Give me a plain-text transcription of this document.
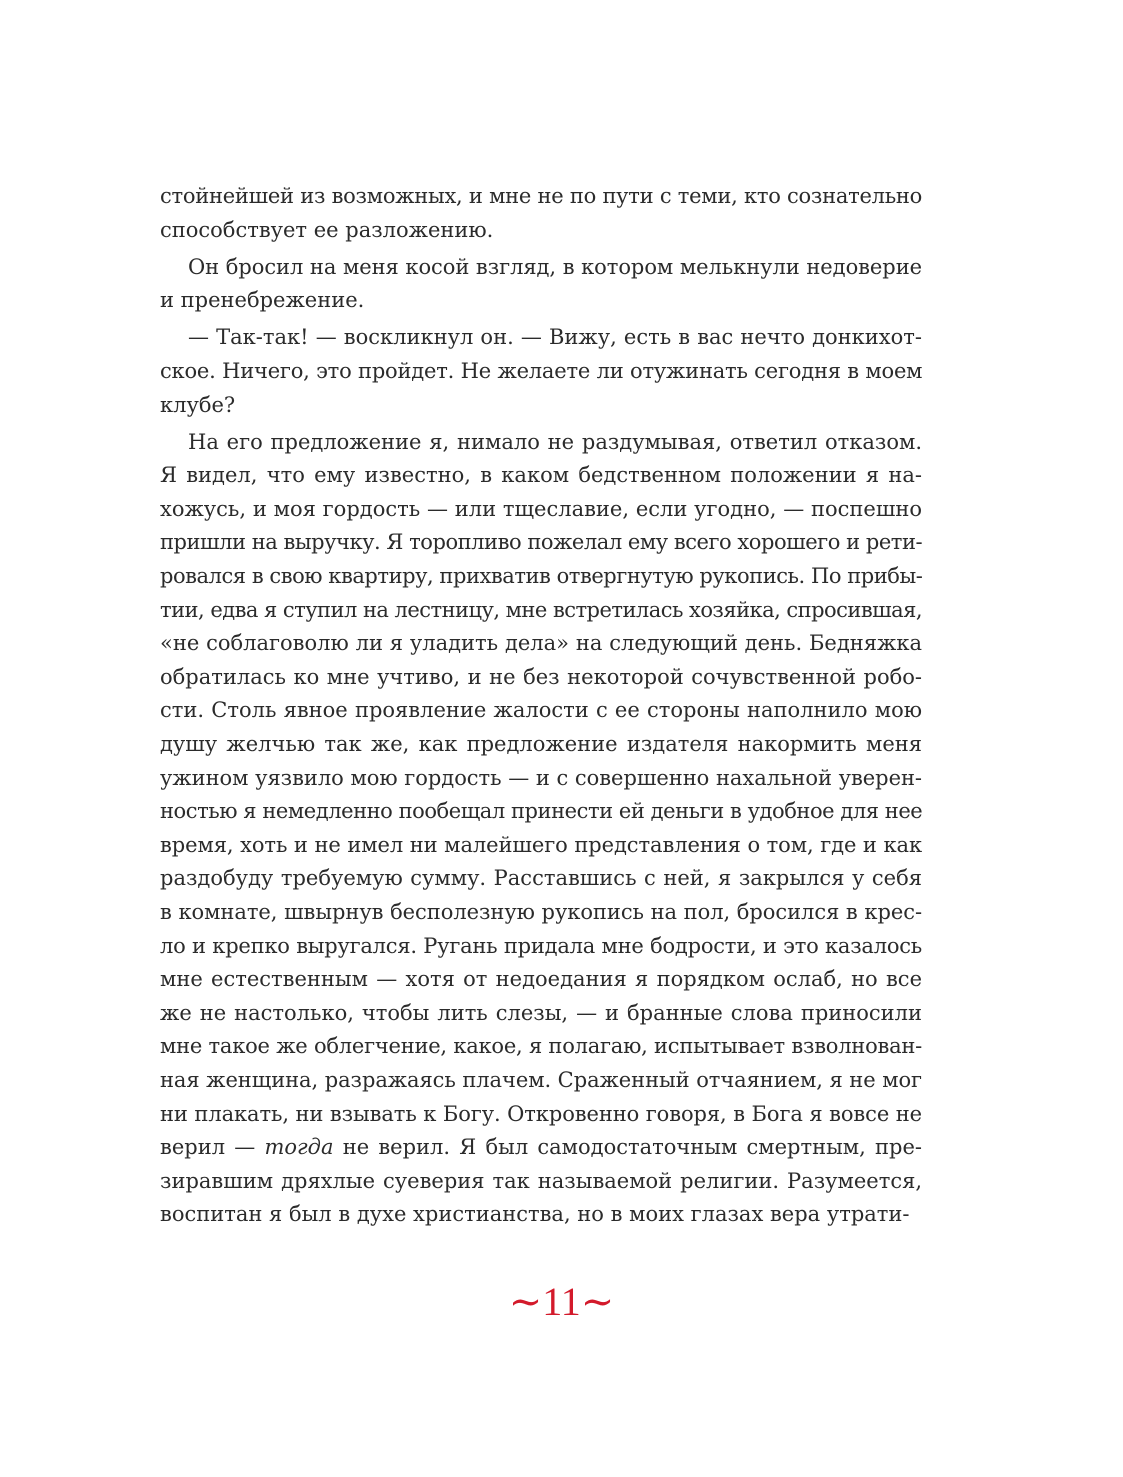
стойнейшей из возможных, и мне не по пути с теми, кто сознательно
способствует ее разложению.
Он бросил на меня косой взгляд, в котором мелькнули недоверие
и пренебрежение.
— Так-так! — воскликнул он. — Вижу, есть в вас нечто донкихот-
ское. Ничего, это пройдет. Не желаете ли отужинать сегодня в моем
клубе?
На его предложение я, нимало не раздумывая, ответил отказом.
Я видел, что ему известно, в каком бедственном положении я на-
хожусь, и моя гордость — или тщеславие, если угодно, — поспешно
пришли на выручку. Я торопливо пожелал ему всего хорошего и рети-
ровался в свою квартиру, прихватив отвергнутую рукопись. По прибы-
тии, едва я ступил на лестницу, мне встретилась хозяйка, спросившая,
«не соблаговолю ли я уладить дела» на следующий день. Бедняжка
обратилась ко мне учтиво, и не без некоторой сочувственной робо-
сти. Столь явное проявление жалости с ее стороны наполнило мою
душу желчью так же, как предложение издателя накормить меня
ужином уязвило мою гордость — и с совершенно нахальной уверен-
ностью я немедленно пообещал принести ей деньги в удобное для нее
время, хоть и не имел ни малейшего представления о том, где и как
раздобуду требуемую сумму. Расставшись с ней, я закрылся у себя
в комнате, швырнув бесполезную рукопись на пол, бросился в крес-
ло и крепко выругался. Ругань придала мне бодрости, и это казалось
мне естественным — хотя от недоедания я порядком ослаб, но все
же не настолько, чтобы лить слезы, — и бранные слова приносили
мне такое же облегчение, какое, я полагаю, испытывает взволнован-
ная женщина, разражаясь плачем. Сраженный отчаянием, я не мог
ни плакать, ни взывать к Богу. Откровенно говоря, в Бога я вовсе не
верил — тогда не верил. Я был самодостаточным смертным, пре-
зиравшим дряхлые суеверия так называемой религии. Разумеется,
воспитан я был в духе христианства, но в моих глазах вера утрати-
~11~
